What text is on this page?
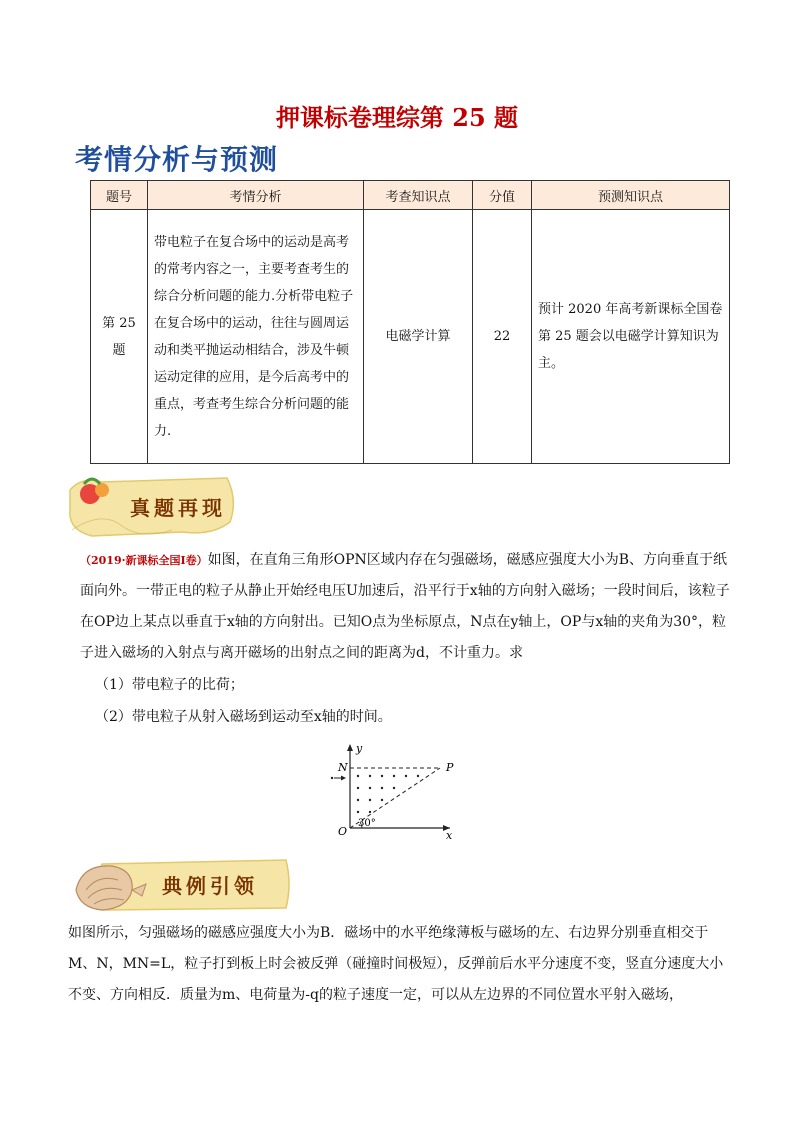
押课标卷理综第 25 题
考情分析与预测
题号	考情分析	考查知识点	分值	预测知识点
第 25 题	带电粒子在复合场中的运动是高考的常考内容之一，主要考查考生的综合分析问题的能力.分析带电粒子在复合场中的运动，往往与圆周运动和类平抛运动相结合，涉及牛顿运动定律的应用，是今后高考中的重点，考查考生综合分析问题的能力.	电磁学计算	22	预计 2020 年高考新课标全国卷第 25 题会以电磁学计算知识为主。
真题再现
（2019·新课标全国Ⅰ卷）如图，在直角三角形OPN区域内存在匀强磁场，磁感应强度大小为B、方向垂直于纸面向外。一带正电的粒子从静止开始经电压U加速后，沿平行于x轴的方向射入磁场；一段时间后，该粒子在OP边上某点以垂直于x轴的方向射出。已知O点为坐标原点，N点在y轴上，OP与x轴的夹角为30°，粒子进入磁场的入射点与离开磁场的出射点之间的距离为d，不计重力。求
（1）带电粒子的比荷；
（2）带电粒子从射入磁场到运动至x轴的时间。
y
x
N	P
O
30°
典例引领
如图所示，匀强磁场的磁感应强度大小为B．磁场中的水平绝缘薄板与磁场的左、右边界分别垂直相交于M、N，MN=L，粒子打到板上时会被反弹（碰撞时间极短），反弹前后水平分速度不变，竖直分速度大小不变、方向相反．质量为m、电荷量为-q的粒子速度一定，可以从左边界的不同位置水平射入磁场，
